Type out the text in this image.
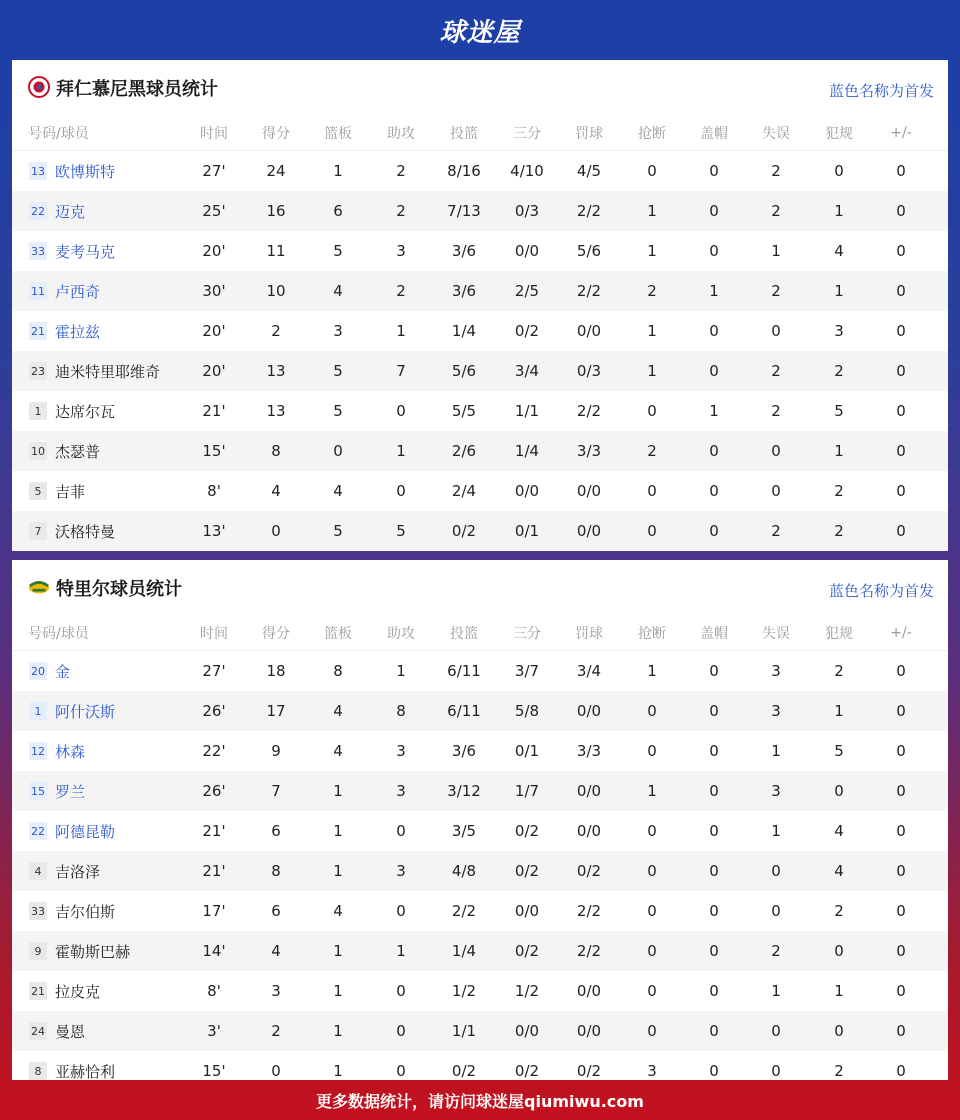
球迷屋
拜仁慕尼黑球员统计	蓝色名称为首发
号码/球员	时间	得分	篮板	助攻	投篮	三分	罚球	抢断	盖帽	失误	犯规	+/-
13 欧博斯特	27'	24	1	2	8/16	4/10	4/5	0	0	2	0	0
22 迈克	25'	16	6	2	7/13	0/3	2/2	1	0	2	1	0
33 麦考马克	20'	11	5	3	3/6	0/0	5/6	1	0	1	4	0
11 卢西奇	30'	10	4	2	3/6	2/5	2/2	2	1	2	1	0
21 霍拉兹	20'	2	3	1	1/4	0/2	0/0	1	0	0	3	0
23 迪米特里耶维奇	20'	13	5	7	5/6	3/4	0/3	1	0	2	2	0
1 达席尔瓦	21'	13	5	0	5/5	1/1	2/2	0	1	2	5	0
10 杰瑟普	15'	8	0	1	2/6	1/4	3/3	2	0	0	1	0
5 吉菲	8'	4	4	0	2/4	0/0	0/0	0	0	0	2	0
7 沃格特曼	13'	0	5	5	0/2	0/1	0/0	0	0	2	2	0
特里尔球员统计	蓝色名称为首发
号码/球员	时间	得分	篮板	助攻	投篮	三分	罚球	抢断	盖帽	失误	犯规	+/-
20 金	27'	18	8	1	6/11	3/7	3/4	1	0	3	2	0
1 阿什沃斯	26'	17	4	8	6/11	5/8	0/0	0	0	3	1	0
12 林森	22'	9	4	3	3/6	0/1	3/3	0	0	1	5	0
15 罗兰	26'	7	1	3	3/12	1/7	0/0	1	0	3	0	0
22 阿德昆勒	21'	6	1	0	3/5	0/2	0/0	0	0	1	4	0
4 吉洛泽	21'	8	1	3	4/8	0/2	0/2	0	0	0	4	0
33 吉尔伯斯	17'	6	4	0	2/2	0/0	2/2	0	0	0	2	0
9 霍勒斯巴赫	14'	4	1	1	1/4	0/2	2/2	0	0	2	0	0
21 拉皮克	8'	3	1	0	1/2	1/2	0/0	0	0	1	1	0
24 曼恩	3'	2	1	0	1/1	0/0	0/0	0	0	0	0	0
8 亚赫恰利	15'	0	1	0	0/2	0/2	0/2	3	0	0	2	0
更多数据统计，请访问球迷屋qiumiwu.com
